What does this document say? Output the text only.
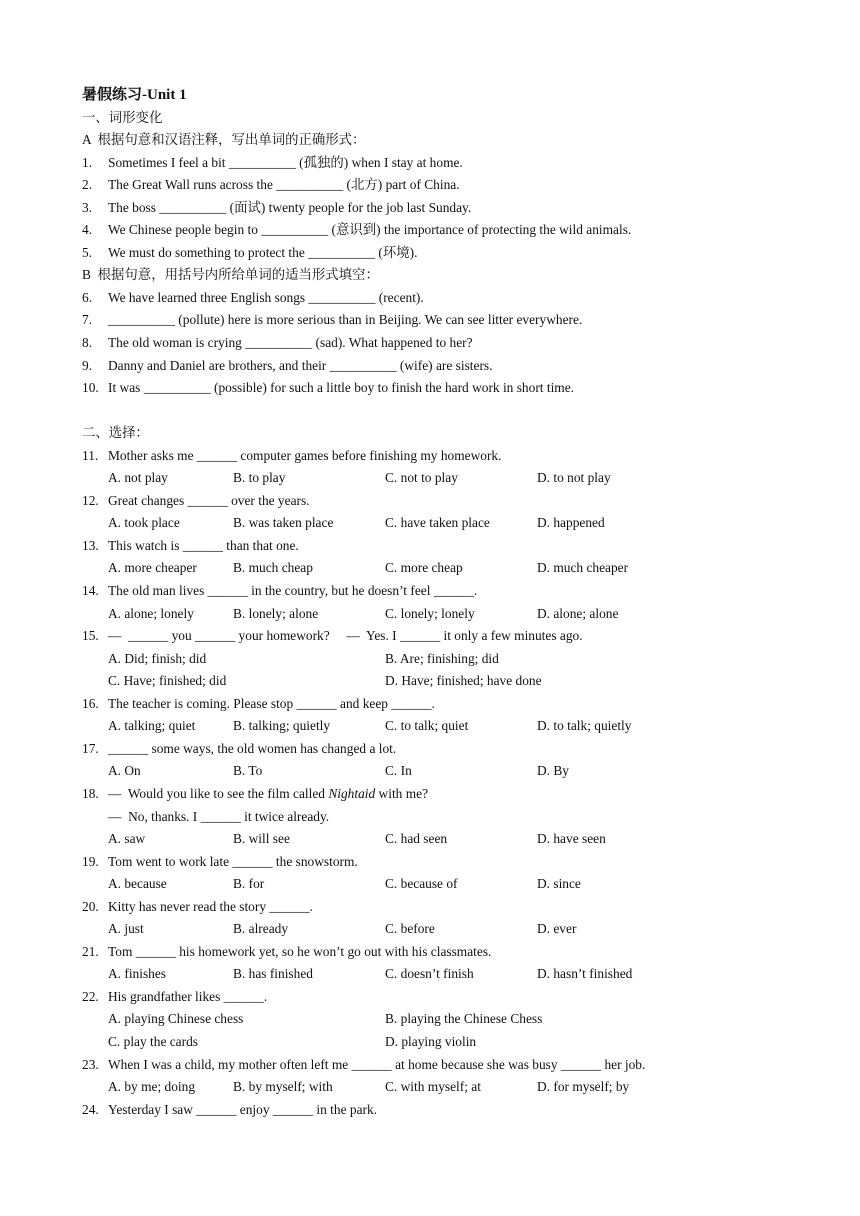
暑假练习-Unit 1
一、词形变化
A  根据句意和汉语注释，写出单词的正确形式：
1. Sometimes I feel a bit __________ (孤独的) when I stay at home.
2. The Great Wall runs across the __________ (北方) part of China.
3. The boss __________ (面试) twenty people for the job last Sunday.
4. We Chinese people begin to __________ (意识到) the importance of protecting the wild animals.
5. We must do something to protect the __________ (环境).
B  根据句意，用括号内所给单词的适当形式填空：
6. We have learned three English songs __________ (recent).
7. __________ (pollute) here is more serious than in Beijing. We can see litter everywhere.
8. The old woman is crying __________ (sad). What happened to her?
9. Danny and Daniel are brothers, and their __________ (wife) are sisters.
10. It was __________ (possible) for such a little boy to finish the hard work in short time.
二、选择：
11. Mother asks me ______ computer games before finishing my homework.

A. not play

	B. to play

	C. not to play

	D. to not play

12. Great changes ______ over the years.

A. took place

	B. was taken place

	C. have taken place

	D. happened

13. This watch is ______ than that one.

A. more cheaper

	B. much cheap

	C. more cheap

	D. much cheaper

14. The old man lives ______ in the country, but he doesn’t feel ______.

A. alone; lonely

	B. lonely; alone

	C. lonely; lonely

	D. alone; alone

15. —  ______ you ______ your homework?     —  Yes. I ______ it only a few minutes ago.

A. Did; finish; did

	B. Are; finishing; did

C. Have; finished; did

	D. Have; finished; have done

16. The teacher is coming. Please stop ______ and keep ______.

A. talking; quiet

	B. talking; quietly

	C. to talk; quiet

	D. to talk; quietly

17. ______ some ways, the old women has changed a lot.

A. On

	B. To

	C. In

	D. By

18. —  Would you like to see the film called Nightaid with me?
—  No, thanks. I ______ it twice already.

A. saw

	B. will see

	C. had seen

	D. have seen

19. Tom went to work late ______ the snowstorm.

A. because

	B. for

	C. because of

	D. since

20. Kitty has never read the story ______.

A. just

	B. already

	C. before

	D. ever

21. Tom ______ his homework yet, so he won’t go out with his classmates.

A. finishes

	B. has finished

	C. doesn’t finish

	D. hasn’t finished

22. His grandfather likes ______.

A. playing Chinese chess

	B. playing the Chinese Chess

C. play the cards

	D. playing violin

23. When I was a child, my mother often left me ______ at home because she was busy ______ her job.

A. by me; doing

	B. by myself; with

	C. with myself; at

	D. for myself; by

24. Yesterday I saw ______ enjoy ______ in the park.
